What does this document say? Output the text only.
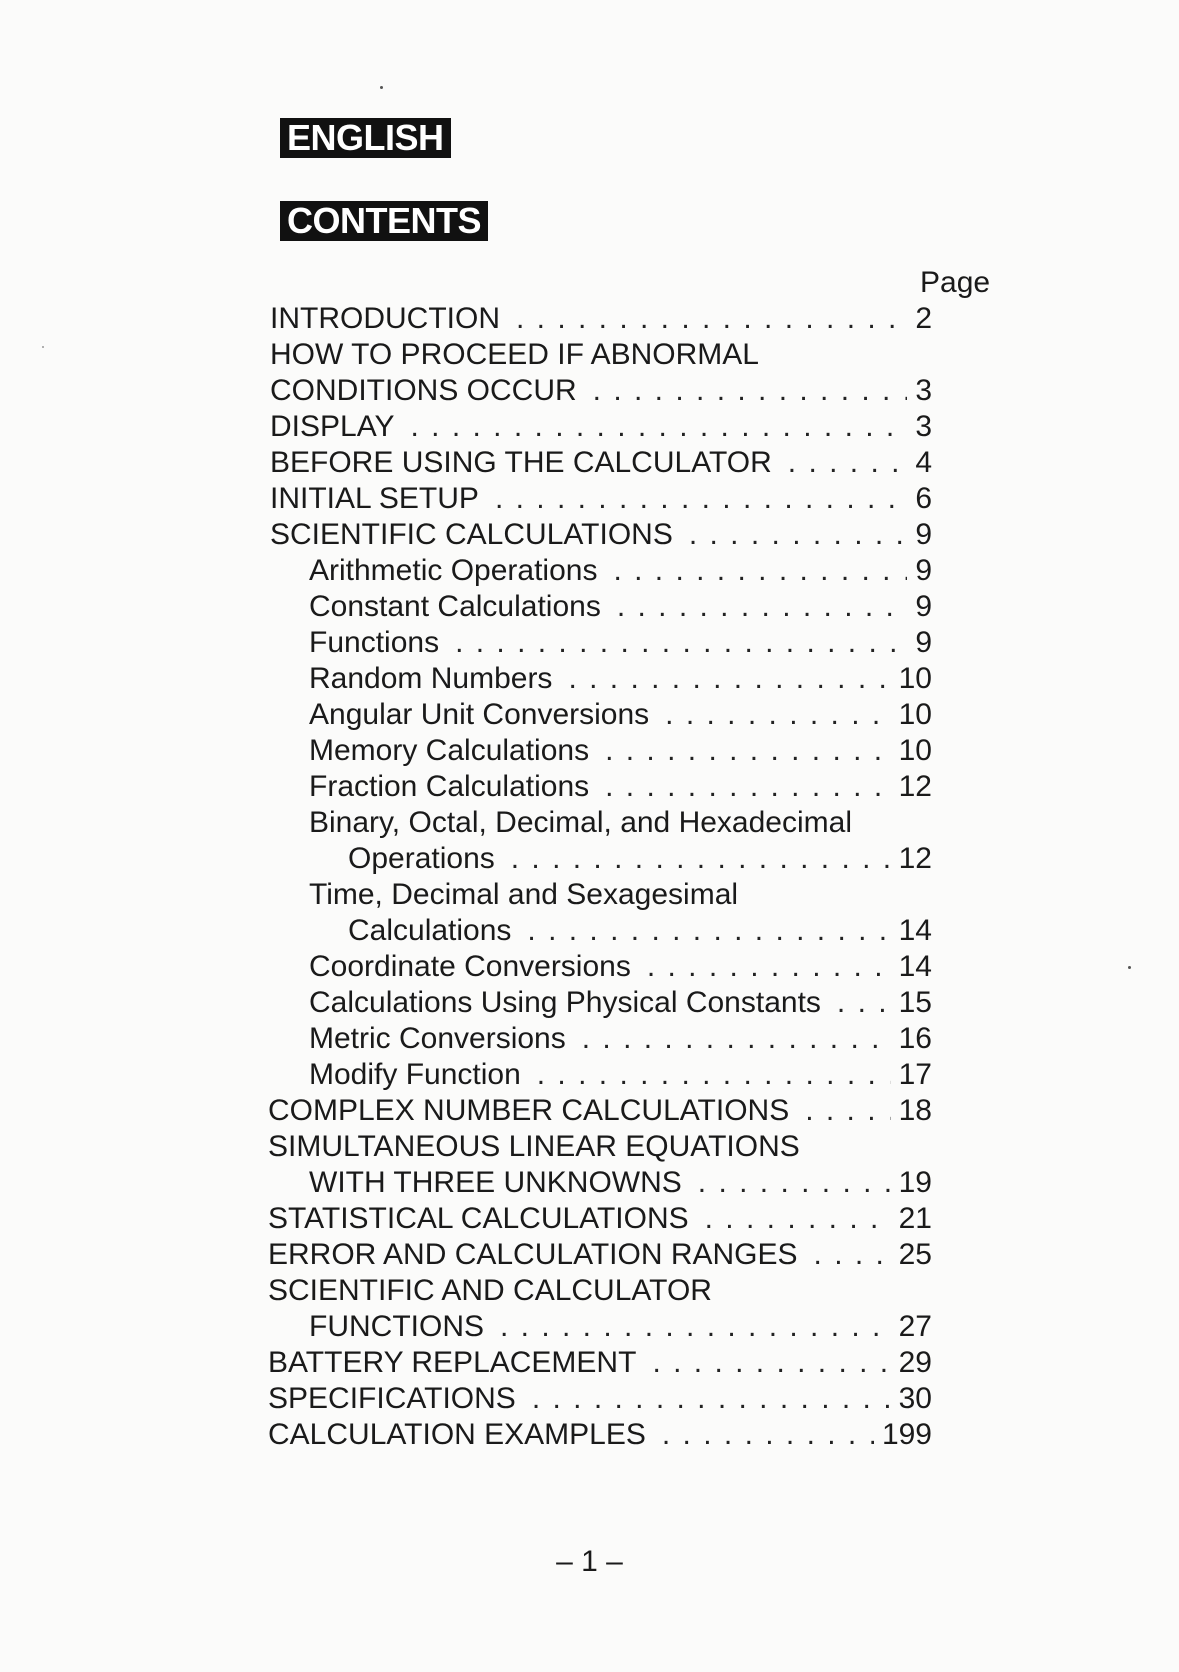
ENGLISH
CONTENTS
Page
INTRODUCTION . . .	2
HOW TO PROCEED IF ABNORMAL
CONDITIONS OCCUR . . .	3
DISPLAY . . .	3
BEFORE USING THE CALCULATOR . . .	4
INITIAL SETUP . . .	6
SCIENTIFIC CALCULATIONS . . .	9
Arithmetic Operations . . .	9
Constant Calculations . . .	9
Functions . . .	9
Random Numbers . . .	10
Angular Unit Conversions . . .	10
Memory Calculations . . .	10
Fraction Calculations . . .	12
Binary, Octal, Decimal, and Hexadecimal
Operations . . .	12
Time, Decimal and Sexagesimal
Calculations . . .	14
Coordinate Conversions . . .	14
Calculations Using Physical Constants . . .	15
Metric Conversions . . .	16
Modify Function . . .	17
COMPLEX NUMBER CALCULATIONS . . .	18
SIMULTANEOUS LINEAR EQUATIONS
WITH THREE UNKNOWNS . . .	19
STATISTICAL CALCULATIONS . . .	21
ERROR AND CALCULATION RANGES . . .	25
SCIENTIFIC AND CALCULATOR
FUNCTIONS . . .	27
BATTERY REPLACEMENT . . .	29
SPECIFICATIONS . . .	30
CALCULATION EXAMPLES . . .	199
– 1 –
